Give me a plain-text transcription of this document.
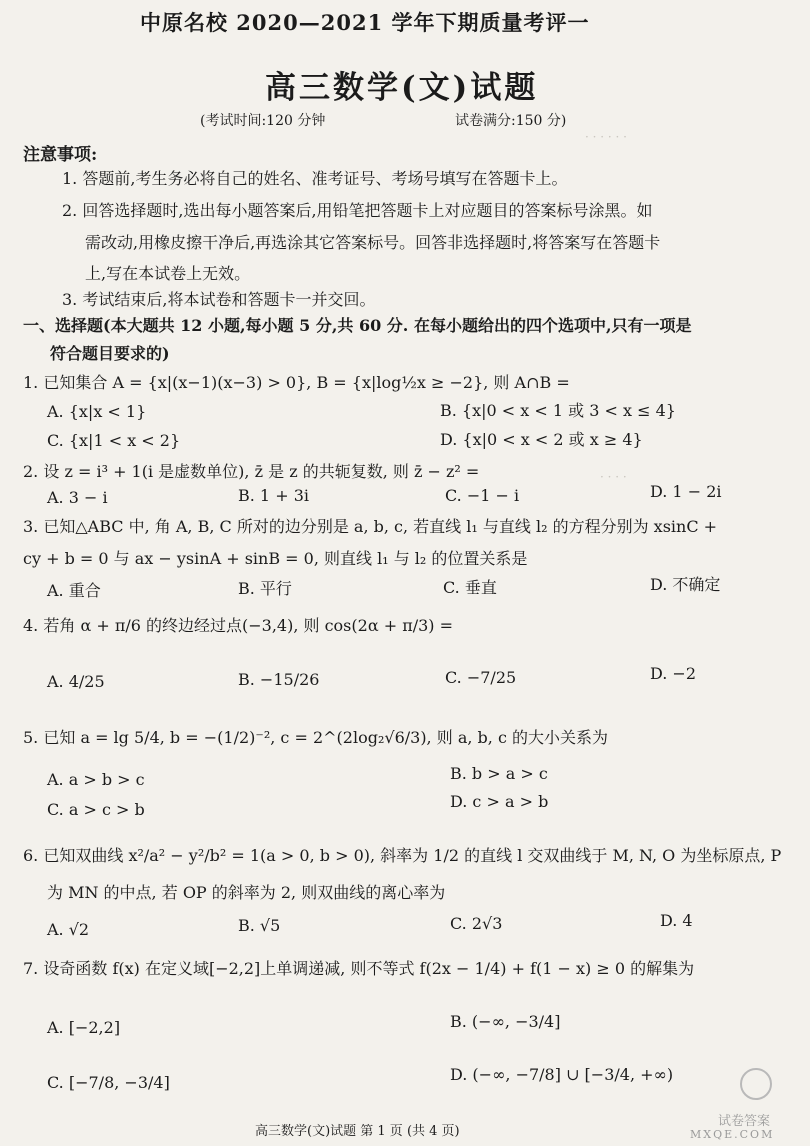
· · · · · ·
· · · ·
中原名校 2020—2021 学年下期质量考评一
高三数学(文)试题
(考试时间:120 分钟	试卷满分:150 分)
注意事项:
1. 答题前,考生务必将自己的姓名、准考证号、考场号填写在答题卡上。
2. 回答选择题时,选出每小题答案后,用铅笔把答题卡上对应题目的答案标号涂黑。如
需改动,用橡皮擦干净后,再选涂其它答案标号。回答非选择题时,将答案写在答题卡
上,写在本试卷上无效。
3. 考试结束后,将本试卷和答题卡一并交回。
一、选择题(本大题共 12 小题,每小题 5 分,共 60 分. 在每小题给出的四个选项中,只有一项是
符合题目要求的)
1. 已知集合 A = {x|(x−1)(x−3) > 0}, B = {x|log½x ≥ −2}, 则 A∩B =
A. {x|x < 1}	B. {x|0 < x < 1 或 3 < x ≤ 4}
C. {x|1 < x < 2}	D. {x|0 < x < 2 或 x ≥ 4}
2. 设 z = i³ + 1(i 是虚数单位), z̄ 是 z 的共轭复数, 则 z̄ − z² =
A. 3 − i	B. 1 + 3i	C. −1 − i	D. 1 − 2i
3. 已知△ABC 中, 角 A, B, C 所对的边分别是 a, b, c, 若直线 l₁ 与直线 l₂ 的方程分别为 xsinC +
cy + b = 0 与 ax − ysinA + sinB = 0, 则直线 l₁ 与 l₂ 的位置关系是
A. 重合	B. 平行	C. 垂直	D. 不确定
4. 若角 α + π/6 的终边经过点(−3,4), 则 cos(2α + π/3) =
A. 4/25	B. −15/26	C. −7/25	D. −2
5. 已知 a = lg 5/4, b = −(1/2)⁻², c = 2^(2log₂√6/3), 则 a, b, c 的大小关系为
A. a > b > c	B. b > a > c
C. a > c > b	D. c > a > b
6. 已知双曲线 x²/a² − y²/b² = 1(a > 0, b > 0), 斜率为 1/2 的直线 l 交双曲线于 M, N, O 为坐标原点, P
为 MN 的中点, 若 OP 的斜率为 2, 则双曲线的离心率为
A. √2	B. √5	C. 2√3	D. 4
7. 设奇函数 f(x) 在定义域[−2,2]上单调递减, 则不等式 f(2x − 1/4) + f(1 − x) ≥ 0 的解集为
A. [−2,2]	B. (−∞, −3/4]
C. [−7/8, −3/4]	D. (−∞, −7/8] ∪ [−3/4, +∞)
高三数学(文)试题 第 1 页 (共 4 页)
试卷答案
MXQE.COM
